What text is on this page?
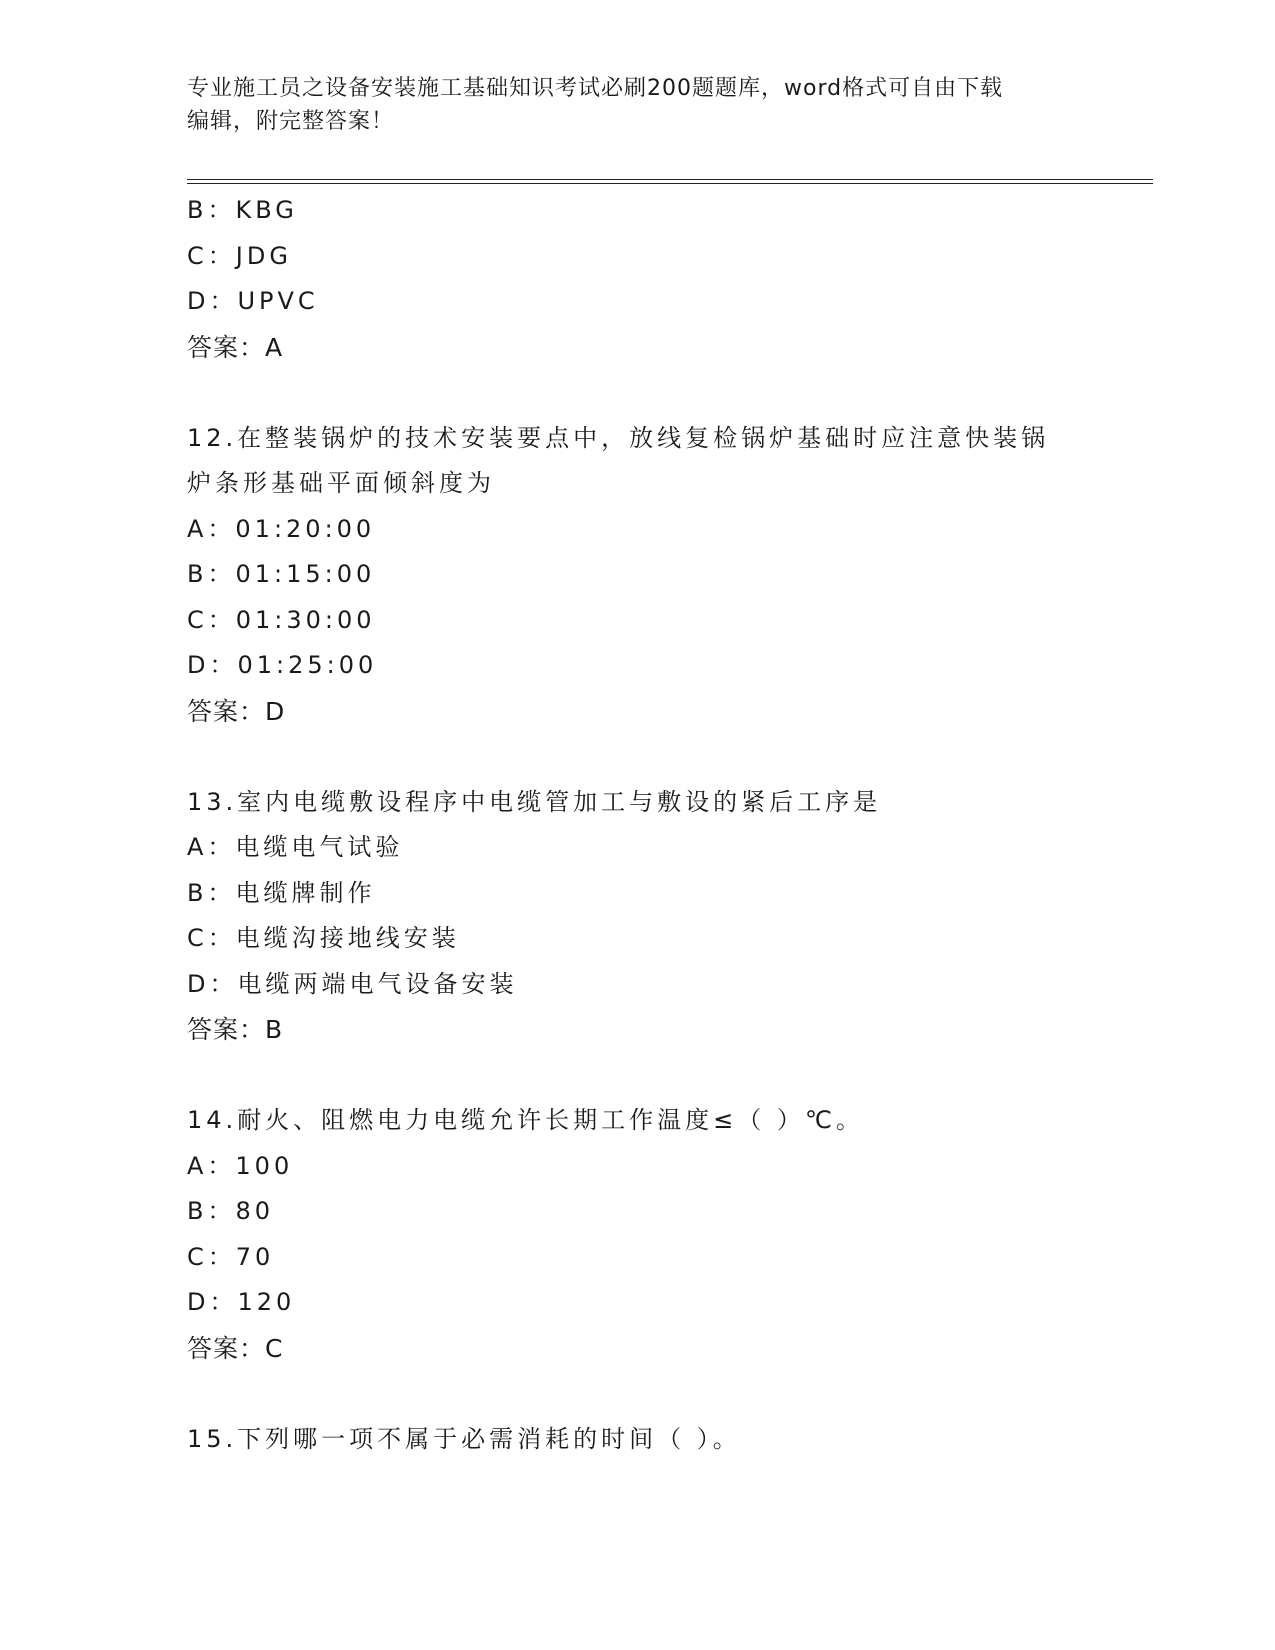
专业施工员之设备安装施工基础知识考试必刷200题题库，word格式可自由下载
编辑，附完整答案！
B：KBG
C：JDG
D：UPVC
答案：A
12.在整装锅炉的技术安装要点中，放线复检锅炉基础时应注意快装锅
炉条形基础平面倾斜度为
A：01:20:00
B：01:15:00
C：01:30:00
D：01:25:00
答案：D
13.室内电缆敷设程序中电缆管加工与敷设的紧后工序是
A：电缆电气试验
B：电缆牌制作
C：电缆沟接地线安装
D：电缆两端电气设备安装
答案：B
14.耐火、阻燃电力电缆允许长期工作温度≤（ ）℃。
A：100
B：80
C：70
D：120
答案：C
15.下列哪一项不属于必需消耗的时间（ ）。
